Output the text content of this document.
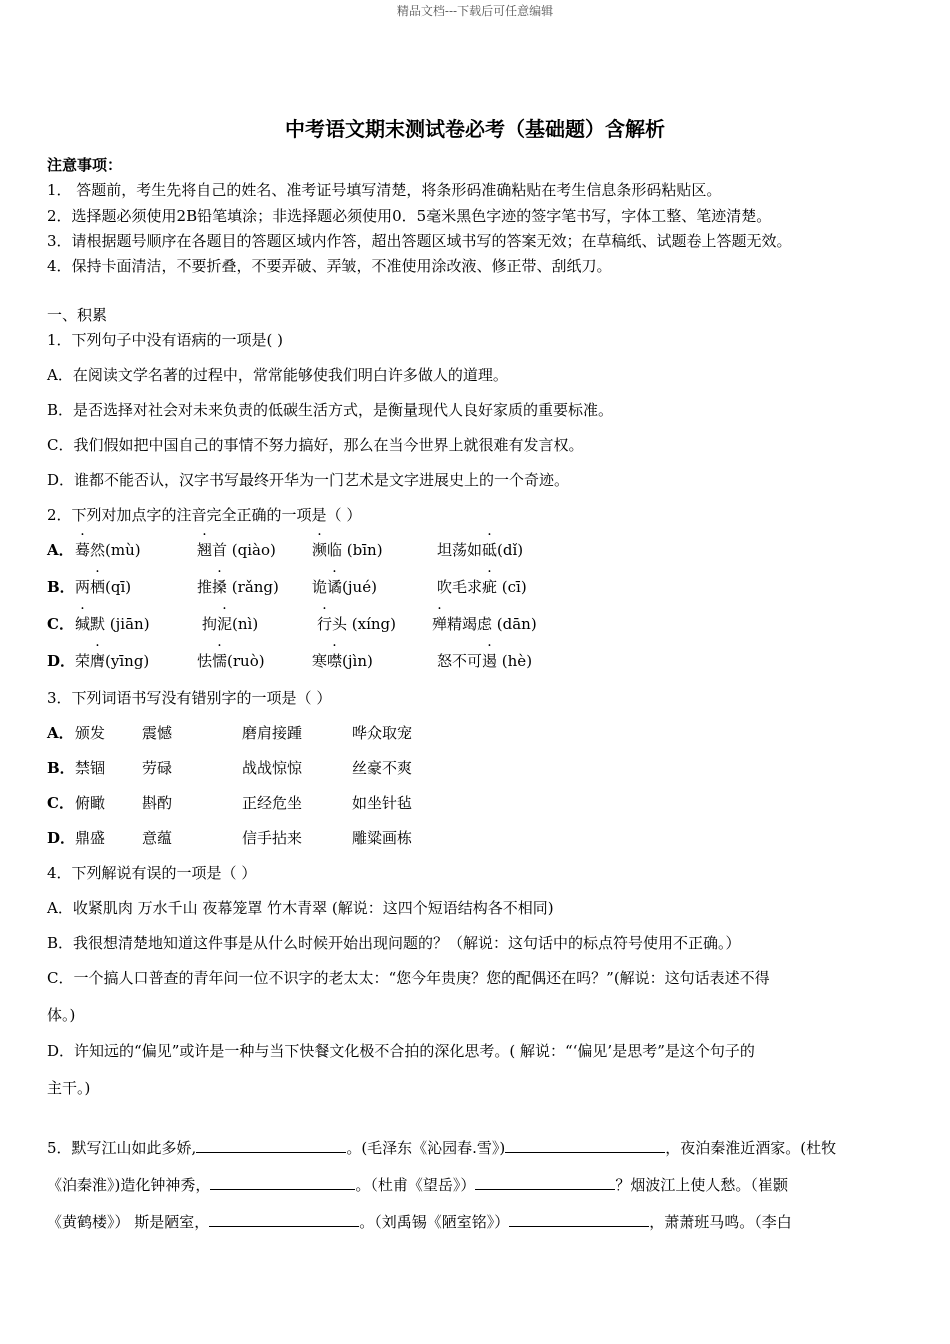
精品文档---下载后可任意编辑
中考语文期末测试卷必考（基础题）含解析
注意事项：
1． 答题前，考生先将自己的姓名、准考证号填写清楚，将条形码准确粘贴在考生信息条形码粘贴区。
2．选择题必须使用2B铅笔填涂；非选择题必须使用0．5毫米黑色字迹的签字笔书写，字体工整、笔迹清楚。
3．请根据题号顺序在各题目的答题区域内作答，超出答题区域书写的答案无效；在草稿纸、试题卷上答题无效。
4．保持卡面清洁，不要折叠，不要弄破、弄皱，不准使用涂改液、修正带、刮纸刀。
一、积累
1．下列句子中没有语病的一项是( )
A．在阅读文学名著的过程中，常常能够使我们明白许多做人的道理。
B．是否选择对社会对未来负责的低碳生活方式，是衡量现代人良好家质的重要标准。
C．我们假如把中国自己的事情不努力搞好，那么在当今世界上就很难有发言权。
D．谁都不能否认，汉字书写最终开华为一门艺术是文字进展史上的一个奇迹。
2．下列对加点字的注音完全正确的一项是（ ）
A． 蓦然(mù)	翘首 (qiào) 濒临 (bīn)	坦荡如砥(dǐ)
B． 两栖(qī)	推搡 (rǎng) 诡谲(jué)	吹毛求疵 (cī)
C． 缄默 (jiān)	拘泥(nì)	行头 (xíng) 殚精竭虑 (dān)
D． 荣膺(yīng)	怯懦(ruò)	寒噤(jìn)	怒不可遏 (hè)
3．下列词语书写没有错别字的一项是（ ）
A． 颁发 震憾	磨肩接踵	哗众取宠
B． 禁锢 劳碌	战战惊惊	丝豪不爽
C． 俯瞰 斟酌	正经危坐	如坐针毡
D． 鼎盛 意蕴	信手拈来	雕粱画栋
4．下列解说有误的一项是（ ）
A．收紧肌肉 万水千山 夜幕笼罩 竹木青翠 (解说：这四个短语结构各不相同)
B．我很想清楚地知道这件事是从什么时候开始出现问题的？（解说：这句话中的标点符号使用不正确。）
C．一个搞人口普查的青年问一位不识字的老太太：“您今年贵庚？您的配偶还在吗？”(解说：这句话表述不得
体。)
D．许知远的“偏见”或许是一种与当下快餐文化极不合拍的深化思考。( 解说：“‘偏见’是思考”是这个句子的
主干。)
5．默写江山如此多娇,	。(毛泽东《沁园春.雪》)	，夜泊秦淮近酒家。(杜牧
《泊秦淮》)造化钟神秀，	。（杜甫《望岳》）	？烟波江上使人愁。（崔颢
《黄鹤楼》） 斯是陋室，	。（刘禹锡《陋室铭》）	，萧萧班马鸣。（李白
